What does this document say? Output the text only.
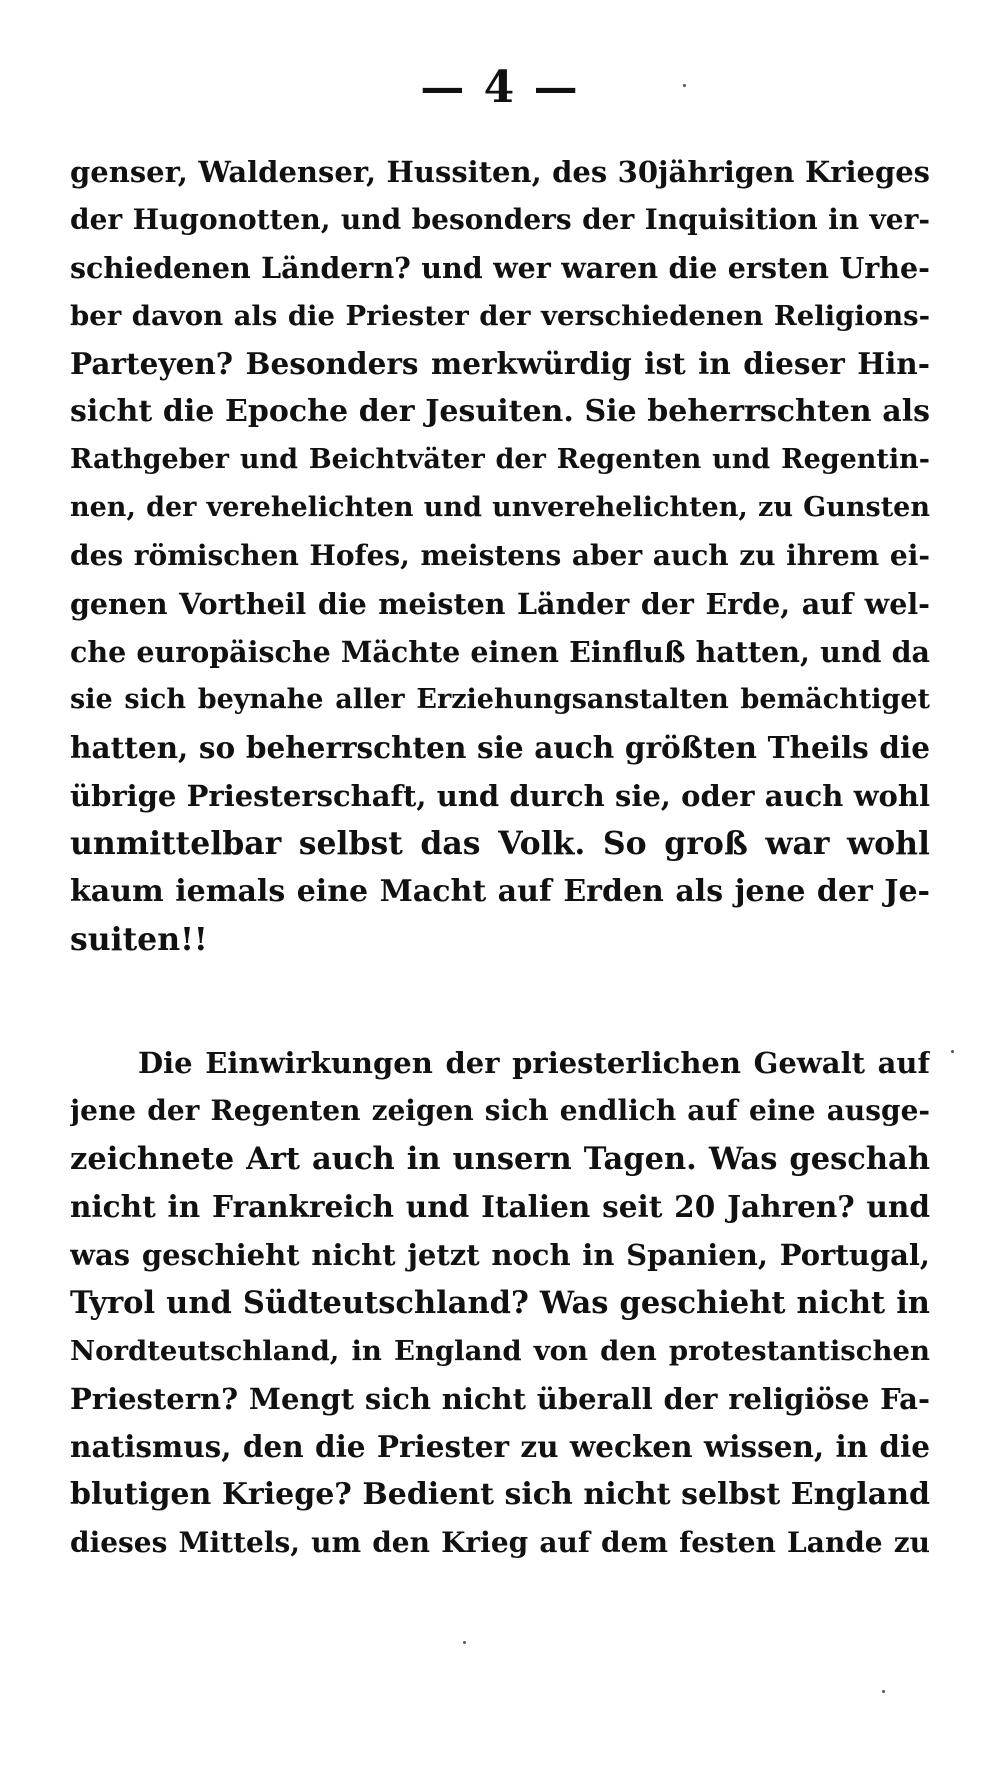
— 4 —
genser, Waldenser, Hussiten, des 30jährigen Krieges
der Hugonotten, und besonders der Inquisition in ver-
schiedenen Ländern? und wer waren die ersten Urhe-
ber davon als die Priester der verschiedenen Religions-
Parteyen? Besonders merkwürdig ist in dieser Hin-
sicht die Epoche der Jesuiten. Sie beherrschten als
Rathgeber und Beichtväter der Regenten und Regentin-
nen, der verehelichten und unverehelichten, zu Gunsten
des römischen Hofes, meistens aber auch zu ihrem ei-
genen Vortheil die meisten Länder der Erde, auf wel-
che europäische Mächte einen Einfluß hatten, und da
sie sich beynahe aller Erziehungsanstalten bemächtiget
hatten, so beherrschten sie auch größten Theils die
übrige Priesterschaft, und durch sie, oder auch wohl
unmittelbar selbst das Volk. So groß war wohl
kaum iemals eine Macht auf Erden als jene der Je-
suiten!!
Die Einwirkungen der priesterlichen Gewalt auf
jene der Regenten zeigen sich endlich auf eine ausge-
zeichnete Art auch in unsern Tagen. Was geschah
nicht in Frankreich und Italien seit 20 Jahren? und
was geschieht nicht jetzt noch in Spanien, Portugal,
Tyrol und Südteutschland? Was geschieht nicht in
Nordteutschland, in England von den protestantischen
Priestern? Mengt sich nicht überall der religiöse Fa-
natismus, den die Priester zu wecken wissen, in die
blutigen Kriege? Bedient sich nicht selbst England
dieses Mittels, um den Krieg auf dem festen Lande zu
